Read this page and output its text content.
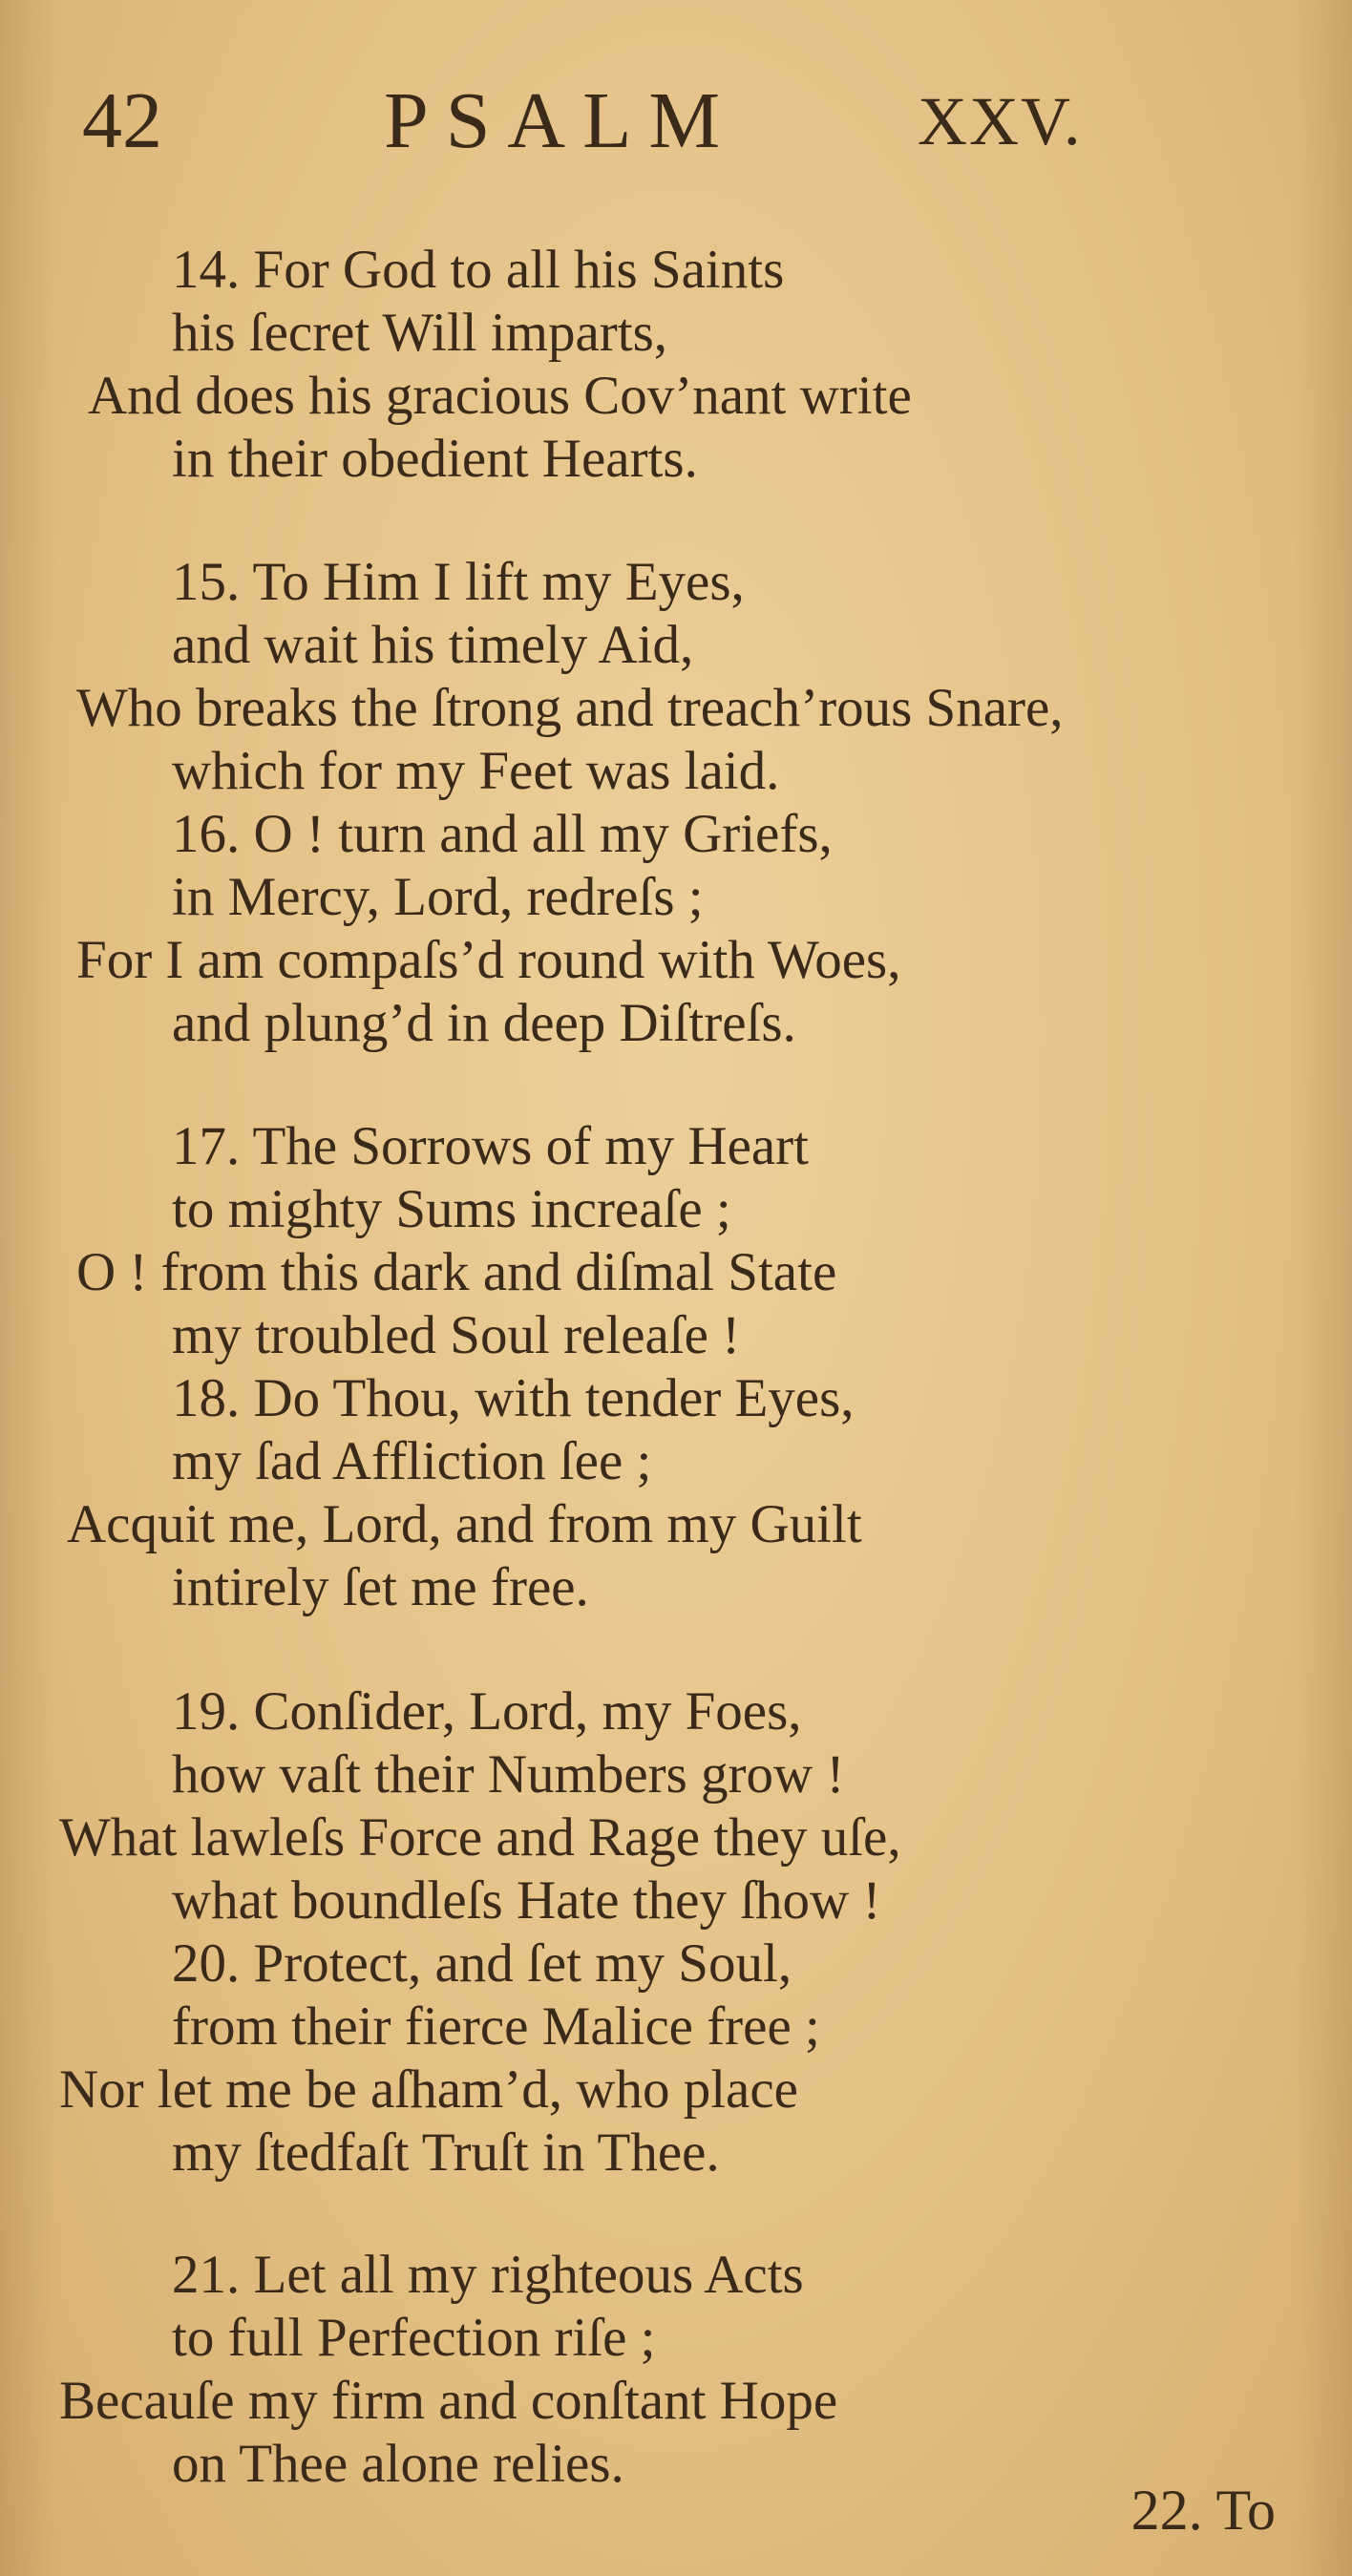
42	PSALM	XXV.
14. For God to all his Saints
his ſecret Will imparts,
And does his gracious Cov’nant write
in their obedient Hearts.
15. To Him I lift my Eyes,
and wait his timely Aid,
Who breaks the ſtrong and treach’rous Snare,
which for my Feet was laid.
16. O ! turn and all my Griefs,
in Mercy, Lord, redreſs ;
For I am compaſs’d round with Woes,
and plung’d in deep Diſtreſs.
17. The Sorrows of my Heart
to mighty Sums increaſe ;
O ! from this dark and diſmal State
my troubled Soul releaſe !
18. Do Thou, with tender Eyes,
my ſad Affliction ſee ;
Acquit me, Lord, and from my Guilt
intirely ſet me free.
19. Conſider, Lord, my Foes,
how vaſt their Numbers grow !
What lawleſs Force and Rage they uſe,
what boundleſs Hate they ſhow !
20. Protect, and ſet my Soul,
from their fierce Malice free ;
Nor let me be aſham’d, who place
my ſtedfaſt Truſt in Thee.
21. Let all my righteous Acts
to full Perfection riſe ;
Becauſe my firm and conſtant Hope
on Thee alone relies.
22. To
